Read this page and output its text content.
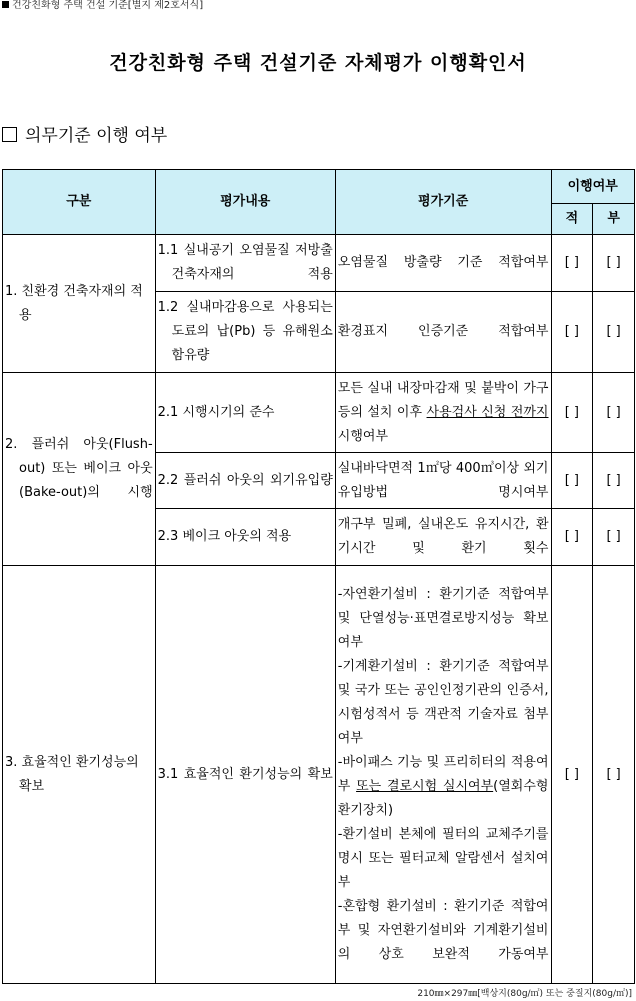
건강친화형 주택 건설 기준[별지 제2호서식]
건강친화형 주택 건설기준 자체평가 이행확인서
의무기준 이행 여부
구분	평가내용	평가기준	이행여부	
			적	부
1. 친환경 건축자재의 적용	1.1 실내공기 오염물질 저방출건축자재의 적용	오염물질 방출량 기준 적합여부	[ ]	[ ]
	1.2 실내마감용으로 사용되는 도료의 납(Pb) 등 유해원소 함유량	환경표지 인증기준 적합여부	[ ]	[ ]
2. 플러쉬 아웃(Flush-out) 또는 베이크 아웃(Bake-out)의 시행	2.1 시행시기의 준수	모든 실내 내장마감재 및 붙박이 가구 등의 설치 이후 사용검사 신청 전까지 시행여부	[ ]	[ ]
	2.2 플러쉬 아웃의 외기유입량	실내바닥면적 1㎡당 400㎥이상 외기 유입방법 명시여부	[ ]	[ ]
	2.3 베이크 아웃의 적용	개구부 밀폐, 실내온도 유지시간, 환기시간 및 환기 횟수	[ ]	[ ]
3. 효율적인 환기성능의 확보	3.1 효율적인 환기성능의 확보	-자연환기설비 : 환기기준 적합여부 및 단열성능·표면결로방지성능 확보 여부
-기계환기설비 : 환기기준 적합여부 및 국가 또는 공인인정기관의 인증서, 시험성적서 등 객관적 기술자료 첨부여부
-바이패스 기능 및 프리히터의 적용여부 또는 결로시험 실시여부(열회수형 환기장치)
-환기설비 본체에 필터의 교체주기를 명시 또는 필터교체 알람센서 설치여부
-혼합형 환기설비 : 환기기준 적합여부 및 자연환기설비와 기계환기설비의 상호 보완적 가동여부	[ ]	[ ]
210㎜×297㎜[백상지(80g/㎡) 또는 중질지(80g/㎡)]
